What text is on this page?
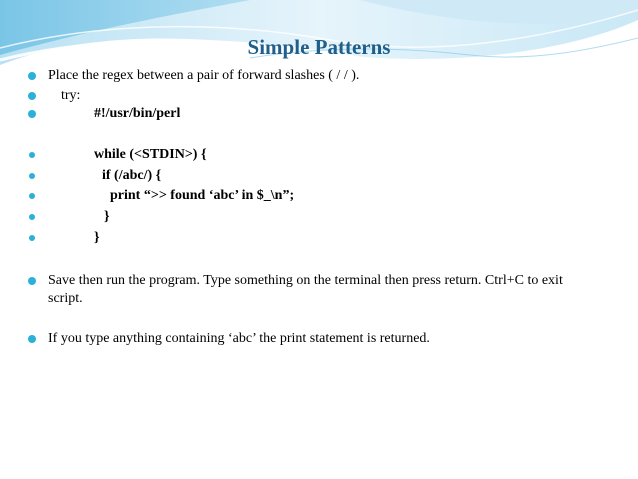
Simple Patterns
Place the regex between a pair of forward slashes ( / / ).
try:
#!/usr/bin/perl
while (<STDIN>) {
if (/abc/) {
print “>> found ‘abc’ in $_\n”;
}
}
Save then run the program. Type something on the terminal then press return. Ctrl+C to exit script.
If you type anything containing ‘abc’ the print statement is returned.
